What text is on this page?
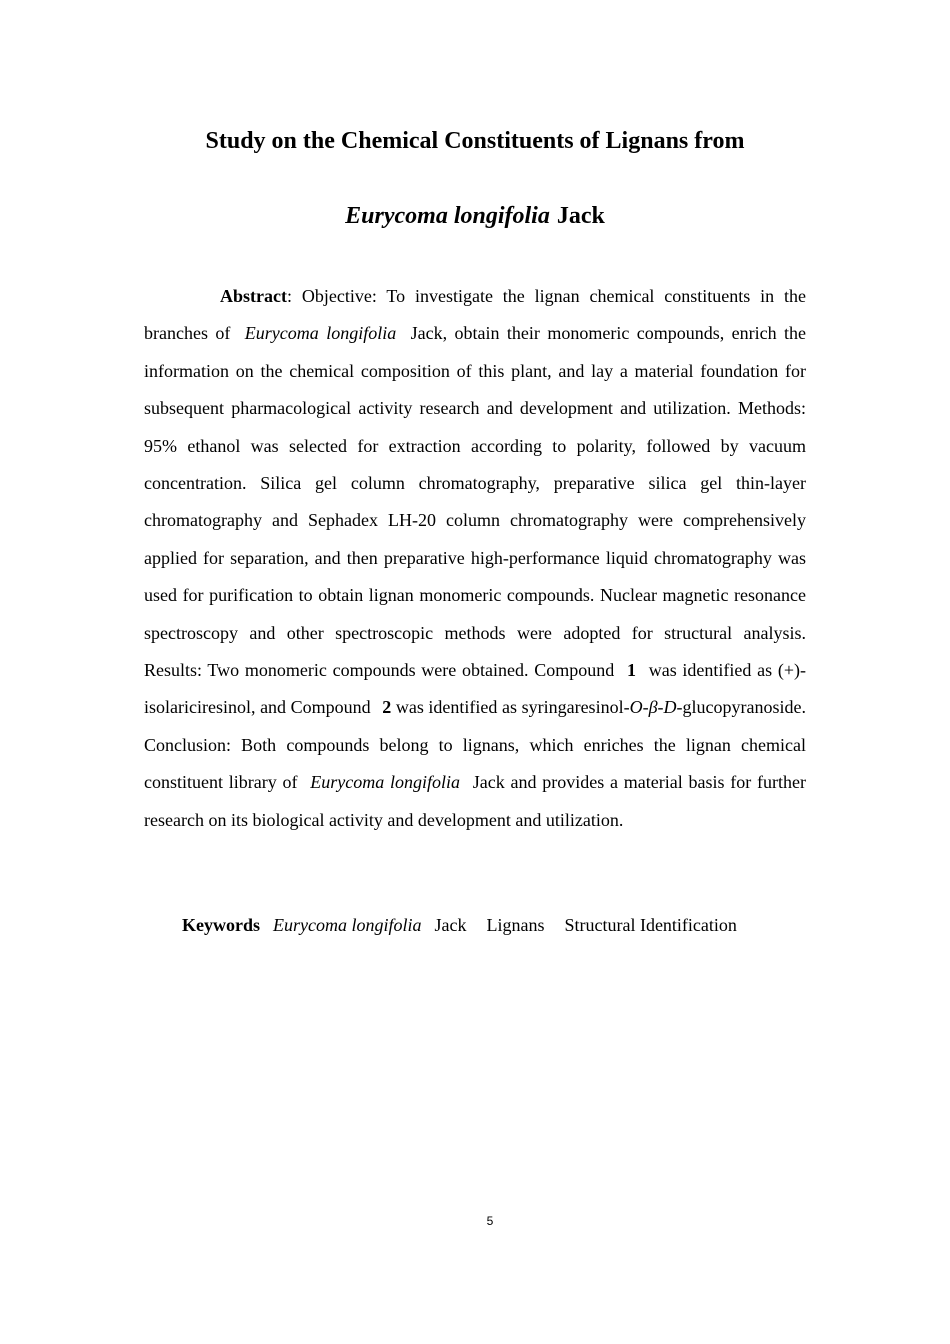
Study on the Chemical Constituents of Lignans from
Eurycoma longifolia Jack

Abstract: Objective: To investigate the lignan chemical constituents in the branches of Eurycoma longifolia Jack, obtain their monomeric compounds, enrich the information on the chemical composition of this plant, and lay a material foundation for subsequent pharmacological activity research and development and utilization. Methods: 95% ethanol was selected for extraction according to polarity, followed by vacuum concentration. Silica gel column chromatography, preparative silica gel thin-layer chromatography and Sephadex LH-20 column chromatography were comprehensively applied for separation, and then preparative high-performance liquid chromatography was used for purification to obtain lignan monomeric compounds. Nuclear magnetic resonance spectroscopy and other spectroscopic methods were adopted for structural analysis. Results: Two monomeric compounds were obtained. Compound 1 was identified as (+)-isolariciresinol, and Compound 2 was identified as syringaresinol-O-β-D-glucopyranoside. Conclusion: Both compounds belong to lignans, which enriches the lignan chemical constituent library of Eurycoma longifolia Jack and provides a material basis for further research on its biological activity and development and utilization.

Keywords Eurycoma longifolia Jack Lignans Structural Identification

5
